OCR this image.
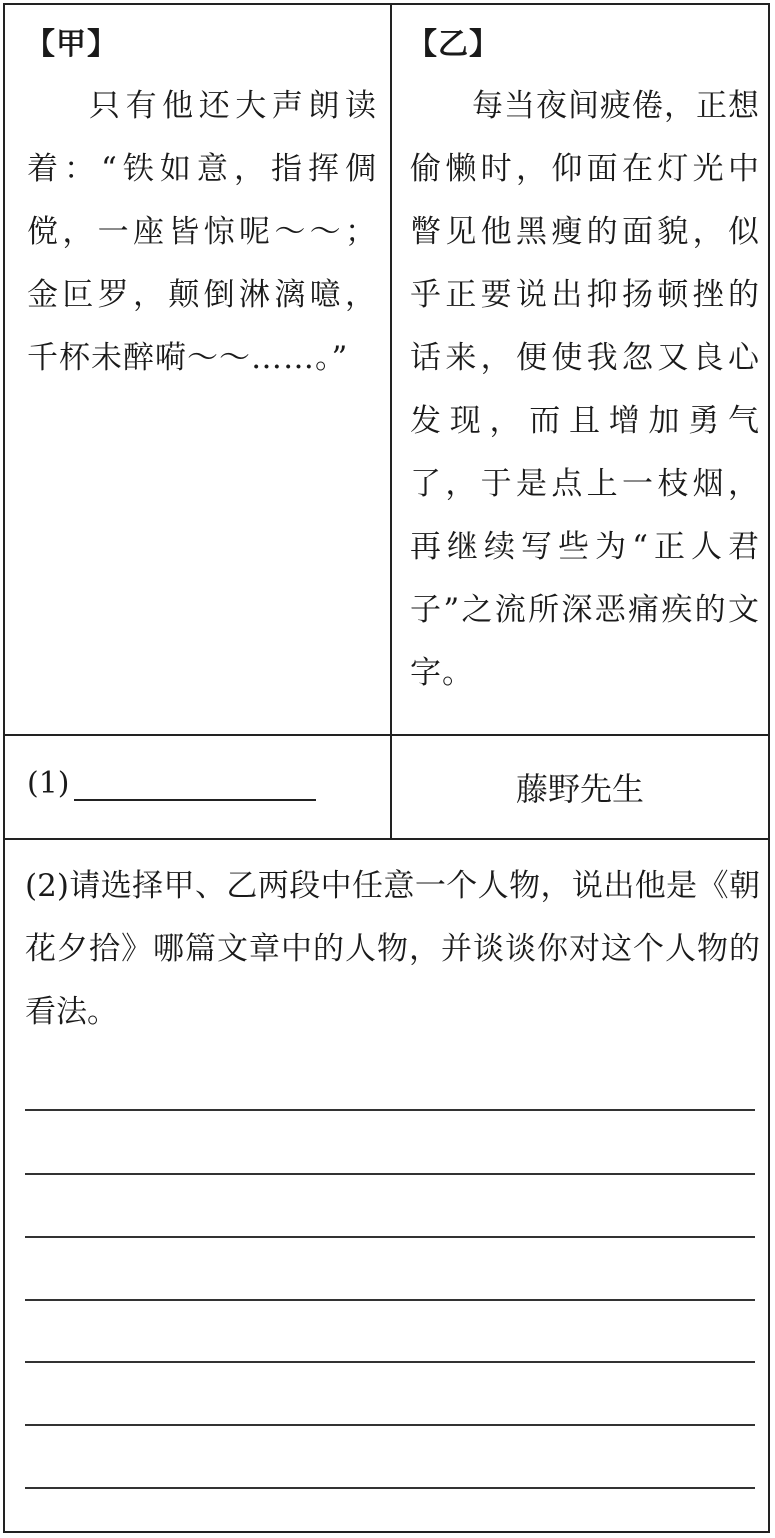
【甲】
只有他还大声朗读着：“铁如意，指挥倜傥，一座皆惊呢～～；金叵罗，颠倒淋漓噫，千杯未醉嗬～～……。”
【乙】
每当夜间疲倦，正想偷懒时，仰面在灯光中瞥见他黑瘦的面貌，似乎正要说出抑扬顿挫的话来，便使我忽又良心发现，而且增加勇气了，于是点上一枝烟，再继续写些为“正人君子”之流所深恶痛疾的文字。
(1)	藤野先生
(2)请选择甲、乙两段中任意一个人物，说出他是《朝花夕拾》哪篇文章中的人物，并谈谈你对这个人物的看法。
